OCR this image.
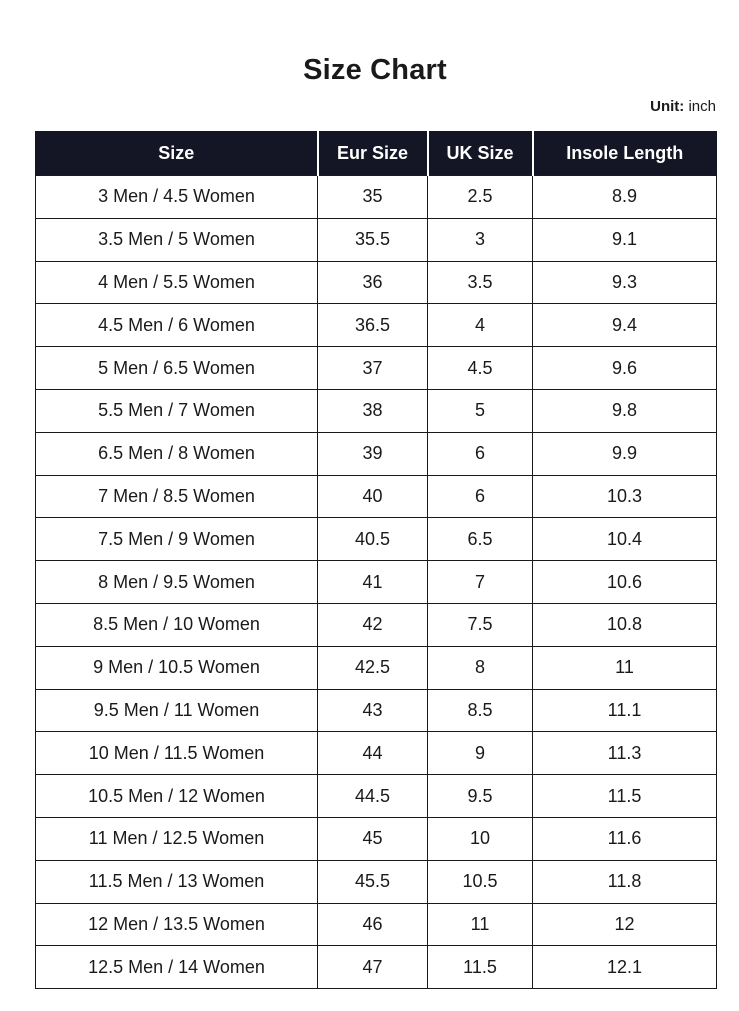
Size Chart
Unit: inch
Size	Eur Size	UK Size	Insole Length
3 Men / 4.5 Women	35	2.5	8.9
3.5 Men / 5 Women	35.5	3	9.1
4 Men / 5.5 Women	36	3.5	9.3
4.5 Men / 6 Women	36.5	4	9.4
5 Men / 6.5 Women	37	4.5	9.6
5.5 Men / 7 Women	38	5	9.8
6.5 Men / 8 Women	39	6	9.9
7 Men / 8.5 Women	40	6	10.3
7.5 Men / 9 Women	40.5	6.5	10.4
8 Men / 9.5 Women	41	7	10.6
8.5 Men / 10 Women	42	7.5	10.8
9 Men / 10.5 Women	42.5	8	11
9.5 Men / 11 Women	43	8.5	11.1
10 Men / 11.5 Women	44	9	11.3
10.5 Men / 12 Women	44.5	9.5	11.5
11 Men / 12.5 Women	45	10	11.6
11.5 Men / 13 Women	45.5	10.5	11.8
12 Men / 13.5 Women	46	11	12
12.5 Men / 14 Women	47	11.5	12.1
